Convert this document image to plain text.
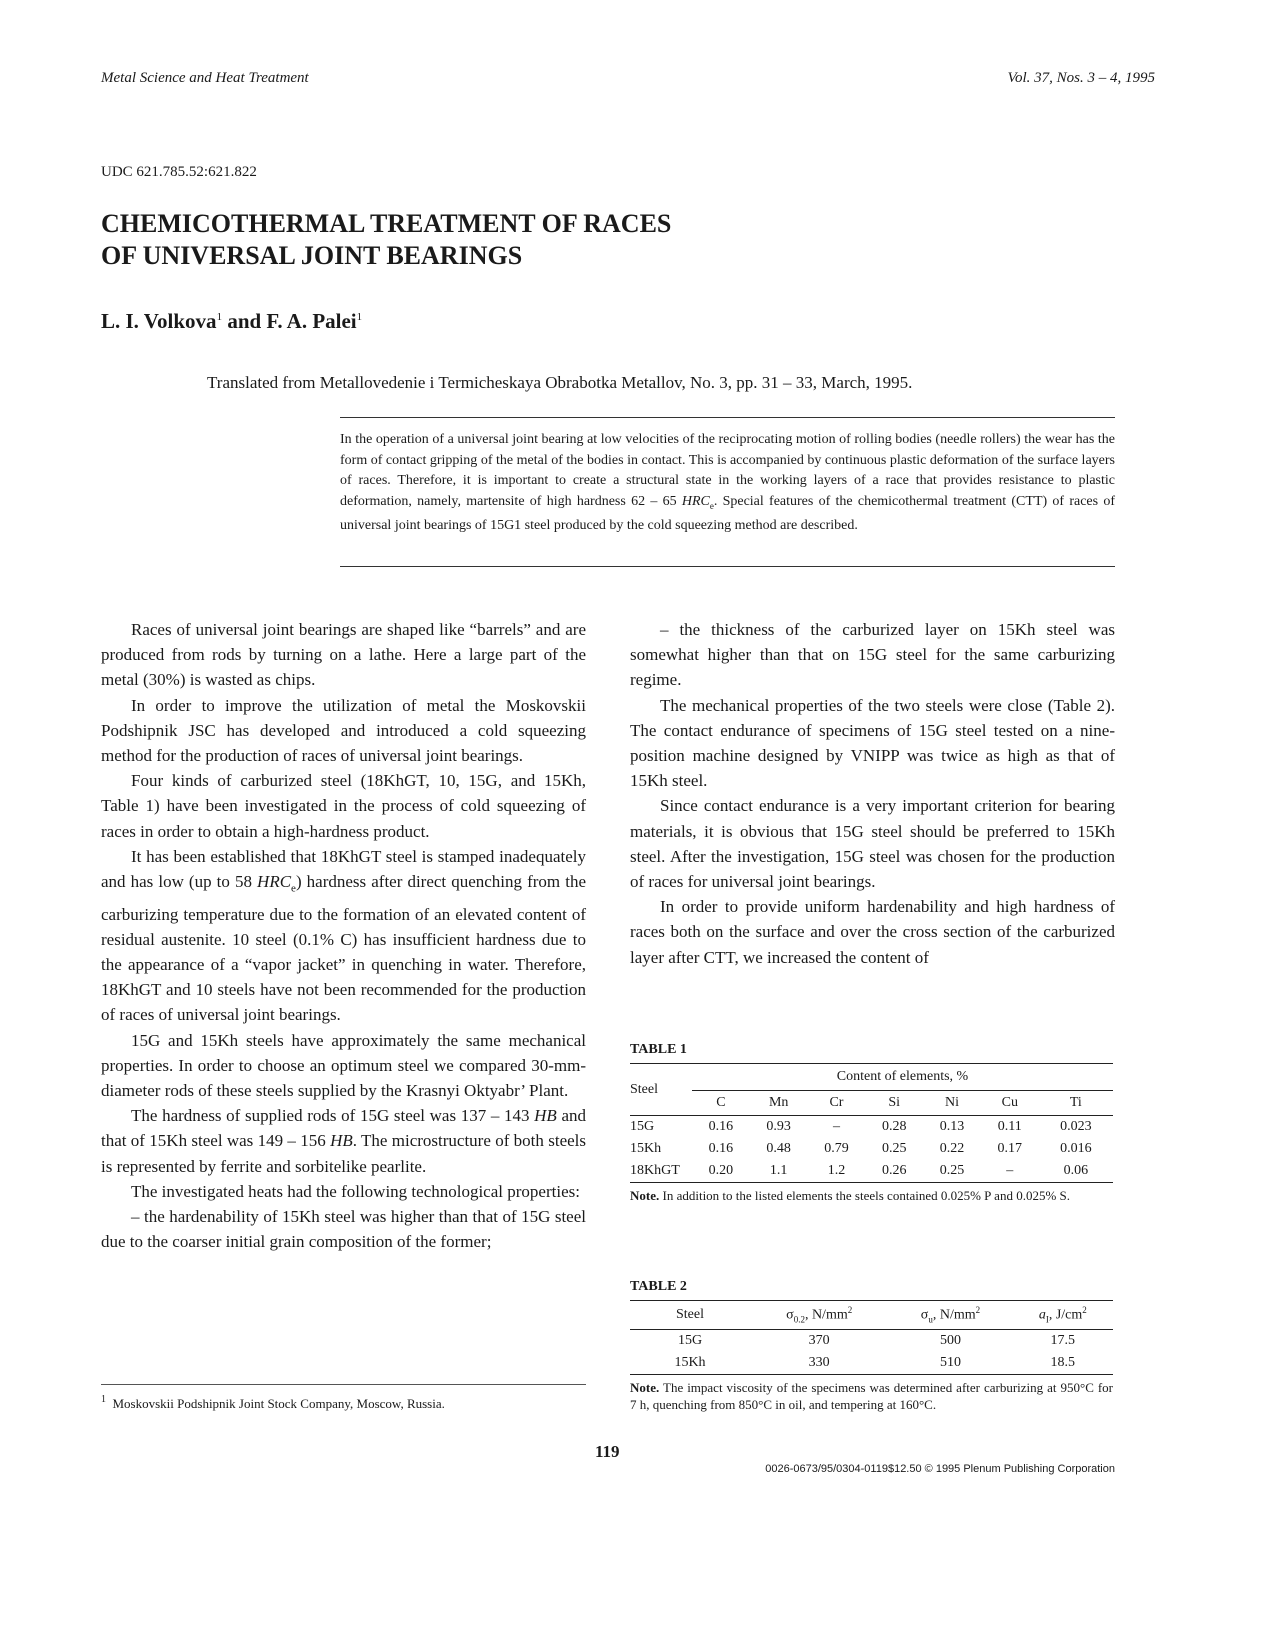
Metal Science and Heat Treatment	Vol. 37, Nos. 3 – 4, 1995
UDC 621.785.52:621.822
CHEMICOTHERMAL TREATMENT OF RACES
OF UNIVERSAL JOINT BEARINGS
L. I. Volkova$^1$ and F. A. Palei$^1$
Translated from Metallovedenie i Termicheskaya Obrabotka Metallov, No. 3, pp. 31 – 33, March, 1995.
In the operation of a universal joint bearing at low velocities of the reciprocating motion of rolling bodies (needle rollers) the wear has the form of contact gripping of the metal of the bodies in contact. This is accompanied by continuous plastic deformation of the surface layers of races. Therefore, it is important to create a structural state in the working layers of a race that provides resistance to plastic deformation, namely, martensite of high hardness 62 – 65 $HRC_e$. Special features of the chemicothermal treatment (CTT) of races of universal joint bearings of 15G1 steel produced by the cold squeezing method are described.

Races of universal joint bearings are shaped like “barrels” and are produced from rods by turning on a lathe. Here a large part of the metal (30%) is wasted as chips.

In order to improve the utilization of metal the Moskovskii Podshipnik JSC has developed and introduced a cold squeezing method for the production of races of universal joint bearings.

Four kinds of carburized steel (18KhGT, 10, 15G, and 15Kh, Table 1) have been investigated in the process of cold squeezing of races in order to obtain a high-hardness product.

It has been established that 18KhGT steel is stamped inadequately and has low (up to 58 $HRC_e$) hardness after direct quenching from the carburizing temperature due to the formation of an elevated content of residual austenite. 10 steel (0.1% C) has insufficient hardness due to the appearance of a “vapor jacket” in quenching in water. Therefore, 18KhGT and 10 steels have not been recommended for the production of races of universal joint bearings.

15G and 15Kh steels have approximately the same mechanical properties. In order to choose an optimum steel we compared 30-mm-diameter rods of these steels supplied by the Krasnyi Oktyabr’ Plant.

The hardness of supplied rods of 15G steel was 137 – 143 HB and that of 15Kh steel was 149 – 156 HB. The microstructure of both steels is represented by ferrite and sorbitelike pearlite.

The investigated heats had the following technological properties:

– the hardenability of 15Kh steel was higher than that of 15G steel due to the coarser initial grain composition of the former;

– the thickness of the carburized layer on 15Kh steel was somewhat higher than that on 15G steel for the same carburizing regime.

The mechanical properties of the two steels were close (Table 2). The contact endurance of specimens of 15G steel tested on a nine-position machine designed by VNIPP was twice as high as that of 15Kh steel.

Since contact endurance is a very important criterion for bearing materials, it is obvious that 15G steel should be preferred to 15Kh steel. After the investigation, 15G steel was chosen for the production of races for universal joint bearings.

In order to provide uniform hardenability and high hardness of races both on the surface and over the cross section of the carburized layer after CTT, we increased the content of

TABLE 1
Steel	Content of elements, %						
	C	Mn	Cr	Si	Ni	Cu	Ti
15G	0.16	0.93	–	0.28	0.13	0.11	0.023
15Kh	0.16	0.48	0.79	0.25	0.22	0.17	0.016
18KhGT	0.20	1.1	1.2	0.26	0.25	–	0.06
Note. In addition to the listed elements the steels contained 0.025% P and 0.025% S.
TABLE 2
Steel	$\sigma_{0.2}$, $N/mm^2$	$\sigma_u$, $N/mm^2$	$a_I$, $J/cm^2$
15G	370	500	17.5
15Kh	330	510	18.5
Note. The impact viscosity of the specimens was determined after carburizing at 950°C for 7 h, quenching from 850°C in oil, and tempering at 160°C.
$^1$ Moskovskii Podshipnik Joint Stock Company, Moscow, Russia.
119
0026-0673/95/0304-0119$12.50 © 1995 Plenum Publishing Corporation
